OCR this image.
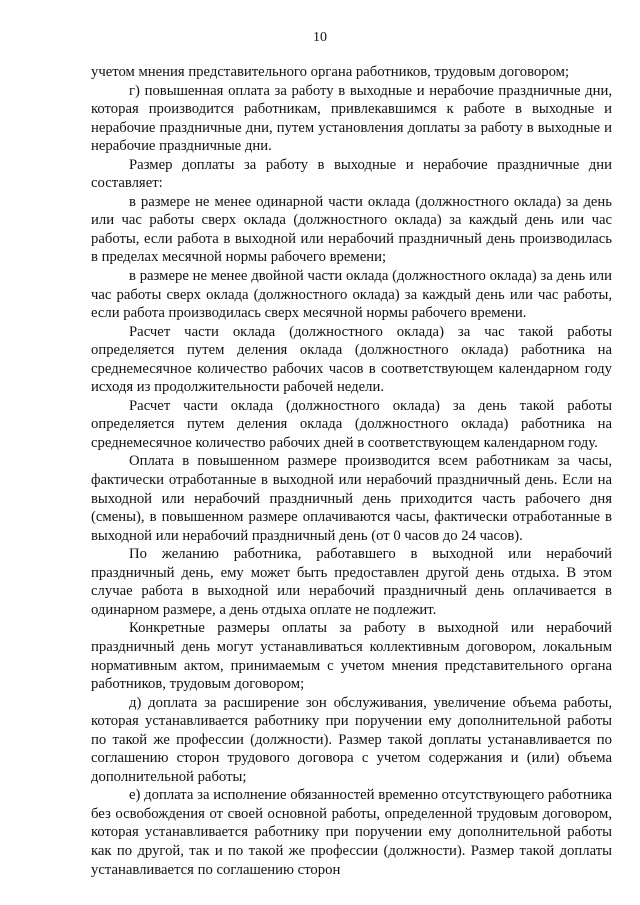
10

учетом мнения представительного органа работников, трудовым договором;

г) повышенная оплата за работу в выходные и нерабочие праздничные дни, которая производится работникам, привлекавшимся к работе в выходные и нерабочие праздничные дни, путем установления доплаты за работу в выходные и нерабочие праздничные дни.

Размер доплаты за работу в выходные и нерабочие праздничные дни составляет:

в размере не менее одинарной части оклада (должностного оклада) за день или час работы сверх оклада (должностного оклада) за каждый день или час работы, если работа в выходной или нерабочий праздничный день производилась в пределах месячной нормы рабочего времени;

в размере не менее двойной части оклада (должностного оклада) за день или час работы сверх оклада (должностного оклада) за каждый день или час работы, если работа производилась сверх месячной нормы рабочего времени.

Расчет части оклада (должностного оклада) за час такой работы определяется путем деления оклада (должностного оклада) работника на среднемесячное количество рабочих часов в соответствующем календарном году исходя из продолжительности рабочей недели.

Расчет части оклада (должностного оклада) за день такой работы определяется путем деления оклада (должностного оклада) работника на среднемесячное количество рабочих дней в соответствующем календарном году.

Оплата в повышенном размере производится всем работникам за часы, фактически отработанные в выходной или нерабочий праздничный день. Если на выходной или нерабочий праздничный день приходится часть рабочего дня (смены), в повышенном размере оплачиваются часы, фактически отработанные в выходной или нерабочий праздничный день (от 0 часов до 24 часов).

По желанию работника, работавшего в выходной или нерабочий праздничный день, ему может быть предоставлен другой день отдыха. В этом случае работа в выходной или нерабочий праздничный день оплачивается в одинарном размере, а день отдыха оплате не подлежит.

Конкретные размеры оплаты за работу в выходной или нерабочий праздничный день могут устанавливаться коллективным договором, локальным нормативным актом, принимаемым с учетом мнения представительного органа работников, трудовым договором;

д) доплата за расширение зон обслуживания, увеличение объема работы, которая устанавливается работнику при поручении ему дополнительной работы по такой же профессии (должности). Размер такой доплаты устанавливается по соглашению сторон трудового договора с учетом содержания и (или) объема дополнительной работы;

е) доплата за исполнение обязанностей временно отсутствующего работника без освобождения от своей основной работы, определенной трудовым договором, которая устанавливается работнику при поручении ему дополнительной работы как по другой, так и по такой же профессии (должности). Размер такой доплаты устанавливается по соглашению сторон
